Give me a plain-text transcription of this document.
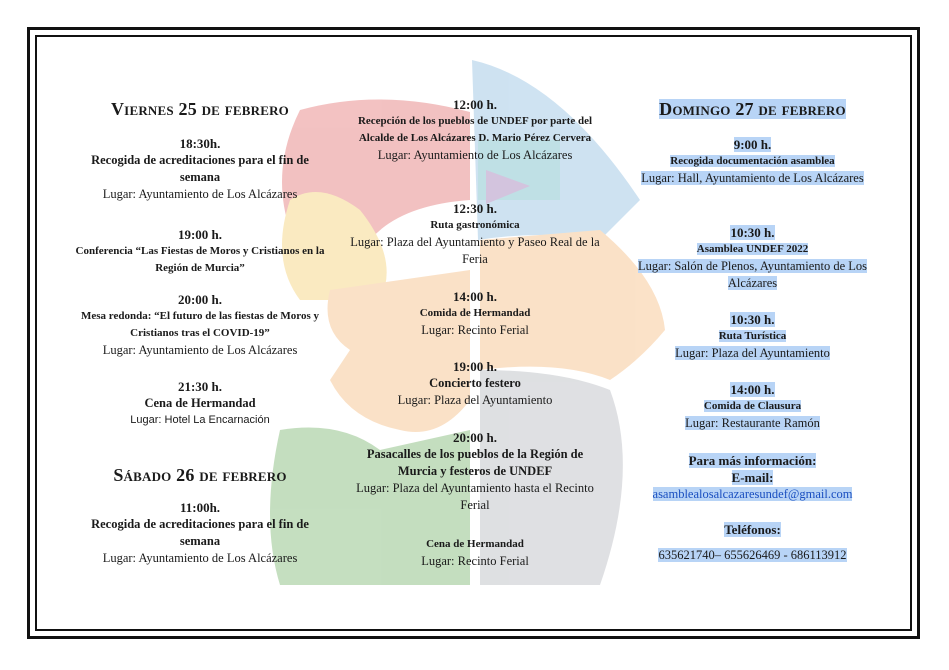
Viernes 25 de febrero
18:30h.
Recogida de acreditaciones para el fin de semana
Lugar: Ayuntamiento de Los Alcázares
19:00 h.
Conferencia “Las Fiestas de Moros y Cristianos en la Región de Murcia”
20:00 h.
Mesa redonda: “El futuro de las fiestas de Moros y Cristianos tras el COVID-19”
Lugar: Ayuntamiento de Los Alcázares
21:30 h.
Cena de Hermandad
Lugar: Hotel La Encarnación
Sábado 26 de febrero
11:00h.
Recogida de acreditaciones para el fin de semana
Lugar: Ayuntamiento de Los Alcázares
12:00 h.
Recepción de los pueblos de UNDEF por parte del Alcalde de Los Alcázares D. Mario Pérez Cervera
Lugar: Ayuntamiento de Los Alcázares
12:30 h.
Ruta gastronómica
Lugar: Plaza del Ayuntamiento y Paseo Real de la Feria
14:00 h.
Comida de Hermandad
Lugar: Recinto Ferial
19:00 h.
Concierto festero
Lugar: Plaza del Ayuntamiento
20:00 h.
Pasacalles de los pueblos de la Región de Murcia y festeros de UNDEF
Lugar: Plaza del Ayuntamiento hasta el Recinto Ferial
Cena de Hermandad
Lugar: Recinto Ferial
Domingo 27 de febrero
9:00 h.
Recogida documentación asamblea
Lugar: Hall, Ayuntamiento de Los Alcázares
10:30 h.
Asamblea UNDEF 2022
Lugar: Salón de Plenos, Ayuntamiento de Los Alcázares
10:30 h.
Ruta Turística
Lugar: Plaza del Ayuntamiento
14:00 h.
Comida de Clausura
Lugar: Restaurante Ramón
Para más información:
E-mail:
asamblealosalcazaresundef@gmail.com
Teléfonos:
635621740– 655626469 - 686113912
